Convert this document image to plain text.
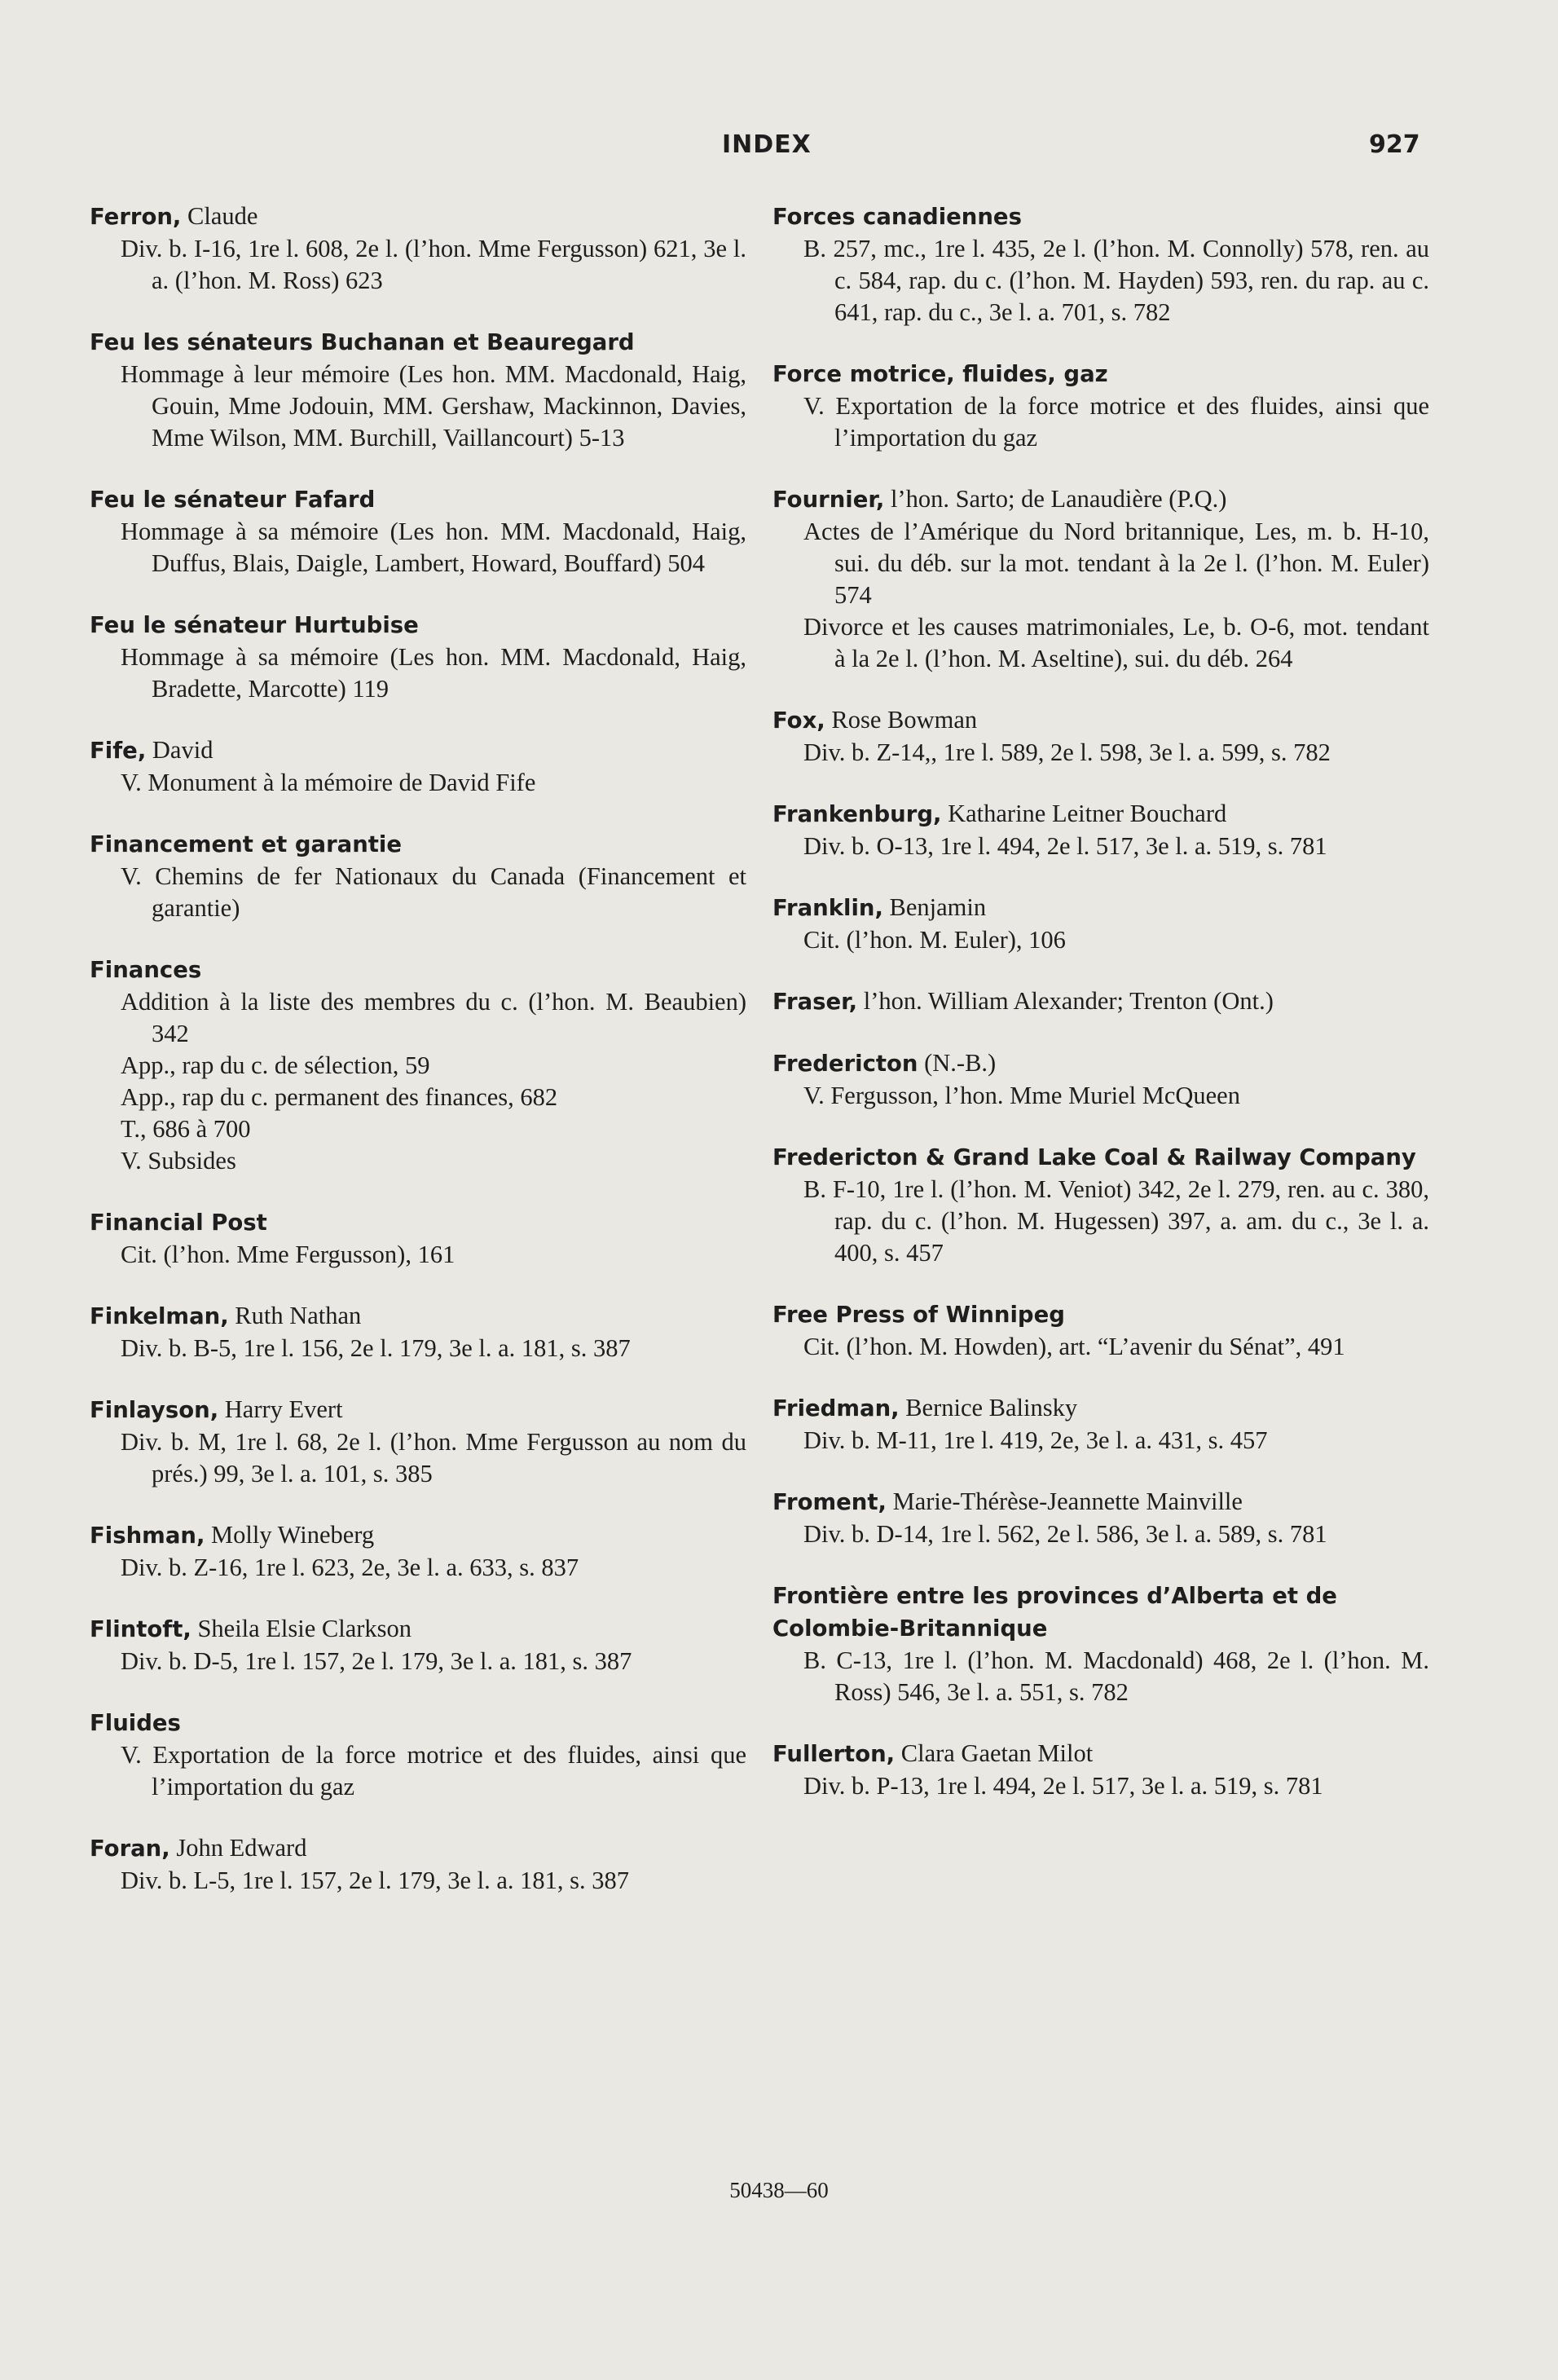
INDEX	927
Ferron, Claude
Div. b. I-16, 1re l. 608, 2e l. (l’hon. Mme Fergusson) 621, 3e l. a. (l’hon. M. Ross) 623
Feu les sénateurs Buchanan et Beauregard
Hommage à leur mémoire (Les hon. MM. Macdonald, Haig, Gouin, Mme Jodouin, MM. Gershaw, Mackinnon, Davies, Mme Wilson, MM. Burchill, Vaillancourt) 5-13
Feu le sénateur Fafard
Hommage à sa mémoire (Les hon. MM. Macdonald, Haig, Duffus, Blais, Daigle, Lambert, Howard, Bouffard) 504
Feu le sénateur Hurtubise
Hommage à sa mémoire (Les hon. MM. Macdonald, Haig, Bradette, Marcotte) 119
Fife, David
V. Monument à la mémoire de David Fife
Financement et garantie
V. Chemins de fer Nationaux du Canada (Financement et garantie)
Finances
Addition à la liste des membres du c. (l’hon. M. Beaubien) 342
App., rap du c. de sélection, 59
App., rap du c. permanent des finances, 682
T., 686 à 700
V. Subsides
Financial Post
Cit. (l’hon. Mme Fergusson), 161
Finkelman, Ruth Nathan
Div. b. B-5, 1re l. 156, 2e l. 179, 3e l. a. 181, s. 387
Finlayson, Harry Evert
Div. b. M, 1re l. 68, 2e l. (l’hon. Mme Fergusson au nom du prés.) 99, 3e l. a. 101, s. 385
Fishman, Molly Wineberg
Div. b. Z-16, 1re l. 623, 2e, 3e l. a. 633, s. 837
Flintoft, Sheila Elsie Clarkson
Div. b. D-5, 1re l. 157, 2e l. 179, 3e l. a. 181, s. 387
Fluides
V. Exportation de la force motrice et des fluides, ainsi que l’importation du gaz
Foran, John Edward
Div. b. L-5, 1re l. 157, 2e l. 179, 3e l. a. 181, s. 387
Forces canadiennes
B. 257, mc., 1re l. 435, 2e l. (l’hon. M. Connolly) 578, ren. au c. 584, rap. du c. (l’hon. M. Hayden) 593, ren. du rap. au c. 641, rap. du c., 3e l. a. 701, s. 782
Force motrice, fluides, gaz
V. Exportation de la force motrice et des fluides, ainsi que l’importation du gaz
Fournier, l’hon. Sarto; de Lanaudière (P.Q.)
Actes de l’Amérique du Nord britannique, Les, m. b. H-10, sui. du déb. sur la mot. tendant à la 2e l. (l’hon. M. Euler) 574
Divorce et les causes matrimoniales, Le, b. O-6, mot. tendant à la 2e l. (l’hon. M. Aseltine), sui. du déb. 264
Fox, Rose Bowman
Div. b. Z-14,, 1re l. 589, 2e l. 598, 3e l. a. 599, s. 782
Frankenburg, Katharine Leitner Bouchard
Div. b. O-13, 1re l. 494, 2e l. 517, 3e l. a. 519, s. 781
Franklin, Benjamin
Cit. (l’hon. M. Euler), 106
Fraser, l’hon. William Alexander; Trenton (Ont.)
Fredericton (N.-B.)
V. Fergusson, l’hon. Mme Muriel McQueen
Fredericton & Grand Lake Coal & Railway Company
B. F-10, 1re l. (l’hon. M. Veniot) 342, 2e l. 279, ren. au c. 380, rap. du c. (l’hon. M. Hugessen) 397, a. am. du c., 3e l. a. 400, s. 457
Free Press of Winnipeg
Cit. (l’hon. M. Howden), art. “L’avenir du Sénat”, 491
Friedman, Bernice Balinsky
Div. b. M-11, 1re l. 419, 2e, 3e l. a. 431, s. 457
Froment, Marie-Thérèse-Jeannette Mainville
Div. b. D-14, 1re l. 562, 2e l. 586, 3e l. a. 589, s. 781
Frontière entre les provinces d’Alberta et de Colombie-Britannique
B. C-13, 1re l. (l’hon. M. Macdonald) 468, 2e l. (l’hon. M. Ross) 546, 3e l. a. 551, s. 782
Fullerton, Clara Gaetan Milot
Div. b. P-13, 1re l. 494, 2e l. 517, 3e l. a. 519, s. 781
50438—60
